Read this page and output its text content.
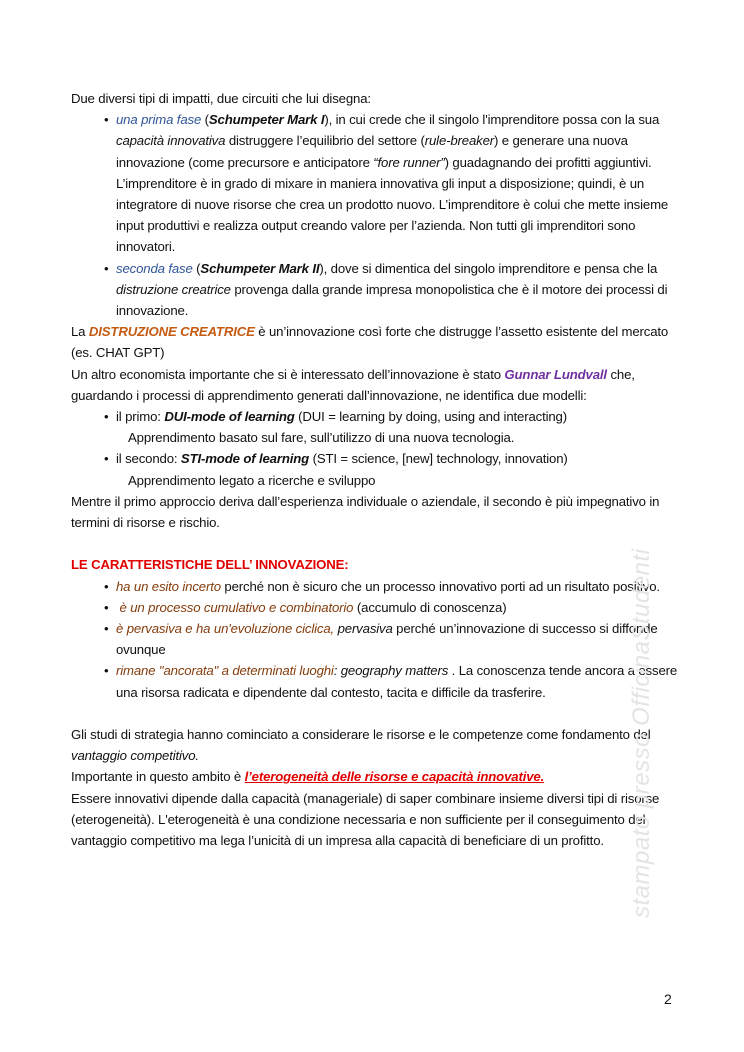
Due diversi tipi di impatti, due circuiti che lui disegna:

• una prima fase (Schumpeter Mark I), in cui crede che il singolo l'imprenditore possa con la sua capacità innovativa distruggere l’equilibrio del settore (rule-breaker) e generare una nuova innovazione (come precursore e anticipatore “fore runner”) guadagnando dei profitti aggiuntivi. L’imprenditore è in grado di mixare in maniera innovativa gli input a disposizione; quindi, è un integratore di nuove risorse che crea un prodotto nuovo. L’imprenditore è colui che mette insieme input produttivi e realizza output creando valore per l’azienda. Non tutti gli imprenditori sono innovatori.

• seconda fase (Schumpeter Mark II), dove si dimentica del singolo imprenditore e pensa che la distruzione creatrice provenga dalla grande impresa monopolistica che è il motore dei processi di innovazione.

La DISTRUZIONE CREATRICE è un’innovazione così forte che distrugge l’assetto esistente del mercato (es. CHAT GPT)

Un altro economista importante che si è interessato dell’innovazione è stato Gunnar Lundvall che, guardando i processi di apprendimento generati dall’innovazione, ne identifica due modelli:

• il primo: DUI-mode of learning (DUI = learning by doing, using and interacting)
Apprendimento basato sul fare, sull’utilizzo di una nuova tecnologia.

• il secondo: STI-mode of learning (STI = science, [new] technology, innovation)
Apprendimento legato a ricerche e sviluppo

Mentre il primo approccio deriva dall’esperienza individuale o aziendale, il secondo è più impegnativo in termini di risorse e rischio.

LE CARATTERISTICHE DELL’ INNOVAZIONE:

• ha un esito incerto perché non è sicuro che un processo innovativo porti ad un risultato positivo.

• è un processo cumulativo e combinatorio (accumulo di conoscenza)

• è pervasiva e ha un'evoluzione ciclica, pervasiva perché un’innovazione di successo si diffonde ovunque

• rimane "ancorata" a determinati luoghi: geography matters . La conoscenza tende ancora a essere una risorsa radicata e dipendente dal contesto, tacita e difficile da trasferire.

Gli studi di strategia hanno cominciato a considerare le risorse e le competenze come fondamento del vantaggio competitivo.

Importante in questo ambito è l’eterogeneità delle risorse e capacità innovative.

Essere innovativi dipende dalla capacità (manageriale) di saper combinare insieme diversi tipi di risorse (eterogeneità). L'eterogeneità è una condizione necessaria e non sufficiente per il conseguimento del vantaggio competitivo ma lega l’unicità di un impresa alla capacità di beneficiare di un profitto.	stampato presso OfficinaStudenti
2
